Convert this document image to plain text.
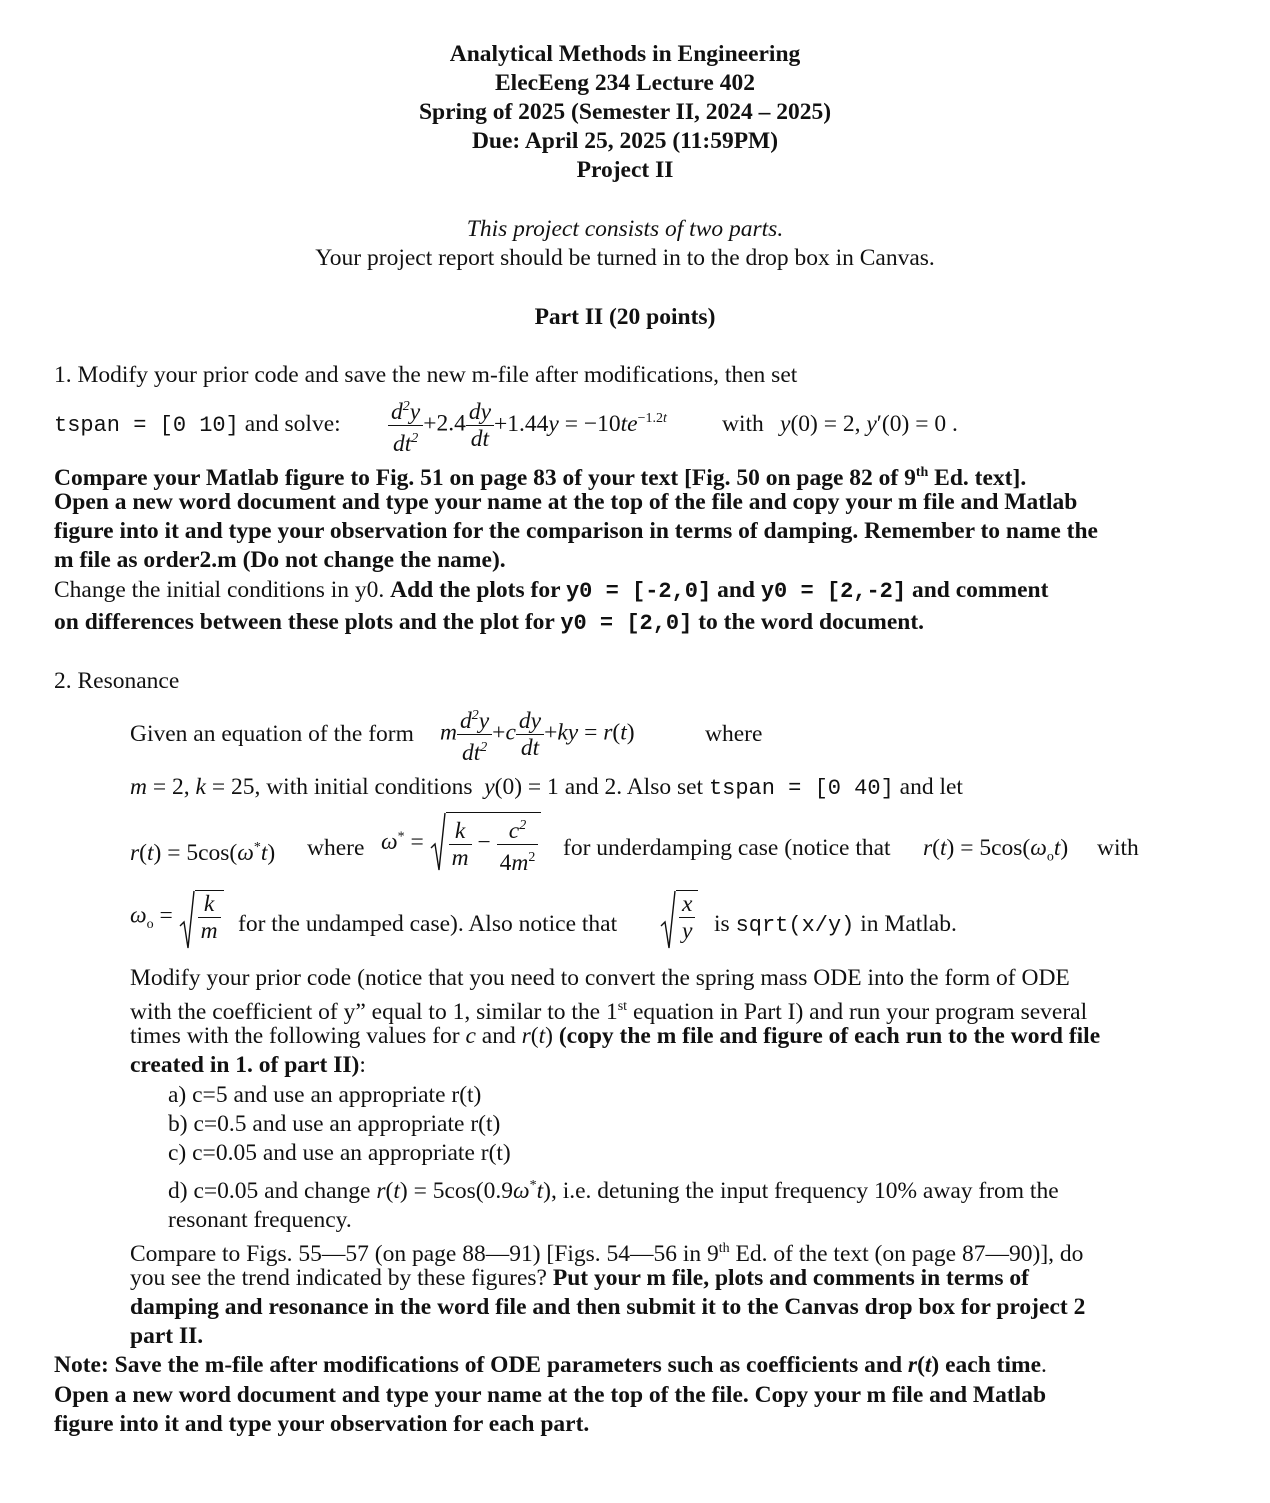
Analytical Methods in Engineering
ElecEeng 234 Lecture 402
Spring of 2025 (Semester II, 2024 – 2025)
Due: April 25, 2025 (11:59PM)
Project II
This project consists of two parts.
Your project report should be turned in to the drop box in Canvas.
Part II (20 points)
1. Modify your prior code and save the new m-file after modifications, then set
tspan = [0 10] and solve: $\frac{d^2y}{dt^2} +2.4 \frac{dy}{dt} +1.44y = -10te^{-1.2t}$ with y(0) = 2, y′(0) = 0 .
Compare your Matlab figure to Fig. 51 on page 83 of your text [Fig. 50 on page 82 of 9th Ed. text].
Open a new word document and type your name at the top of the file and copy your m file and Matlab
figure into it and type your observation for the comparison in terms of damping. Remember to name the
m file as order2.m (Do not change the name).
Change the initial conditions in y0. Add the plots for y0 = [-2,0] and y0 = [2,-2] and comment
on differences between these plots and the plot for y0 = [2,0] to the word document.
2. Resonance
Given an equation of the form m $\frac{d^2y}{dt^2} +c \frac{dy}{dt} +ky = r(t)$	where
m = 2, k = 25, with initial conditions  y(0) = 1 and 2. Also set tspan = [0 40] and let
r(t) = 5cos(ω*t) where $\omega^* = \frac{k}{m} - \frac{c^2}{4m^2}$ for underdamping case (notice that $r(t) = 5\cos(\omega_ot)$ with
$\omega_o = \frac{k}{m}$ for the undamped case). Also notice that	$\frac{x}{y}$ is sqrt(x/y) in Matlab.
Modify your prior code (notice that you need to convert the spring mass ODE into the form of ODE
with the coefficient of y” equal to 1, similar to the 1st equation in Part I) and run your program several
times with the following values for c and r(t) (copy the m file and figure of each run to the word file
created in 1. of part II):
a) c=5 and use an appropriate r(t)
b) c=0.5 and use an appropriate r(t)
c) c=0.05 and use an appropriate r(t)
d) c=0.05 and change r(t) = 5cos(0.9ω*t), i.e. detuning the input frequency 10% away from the
resonant frequency.
Compare to Figs. 55—57 (on page 88—91) [Figs. 54—56 in 9th Ed. of the text (on page 87—90)], do
you see the trend indicated by these figures? Put your m file, plots and comments in terms of
damping and resonance in the word file and then submit it to the Canvas drop box for project 2
part II.
Note: Save the m-file after modifications of ODE parameters such as coefficients and r(t) each time.
Open a new word document and type your name at the top of the file. Copy your m file and Matlab
figure into it and type your observation for each part.
